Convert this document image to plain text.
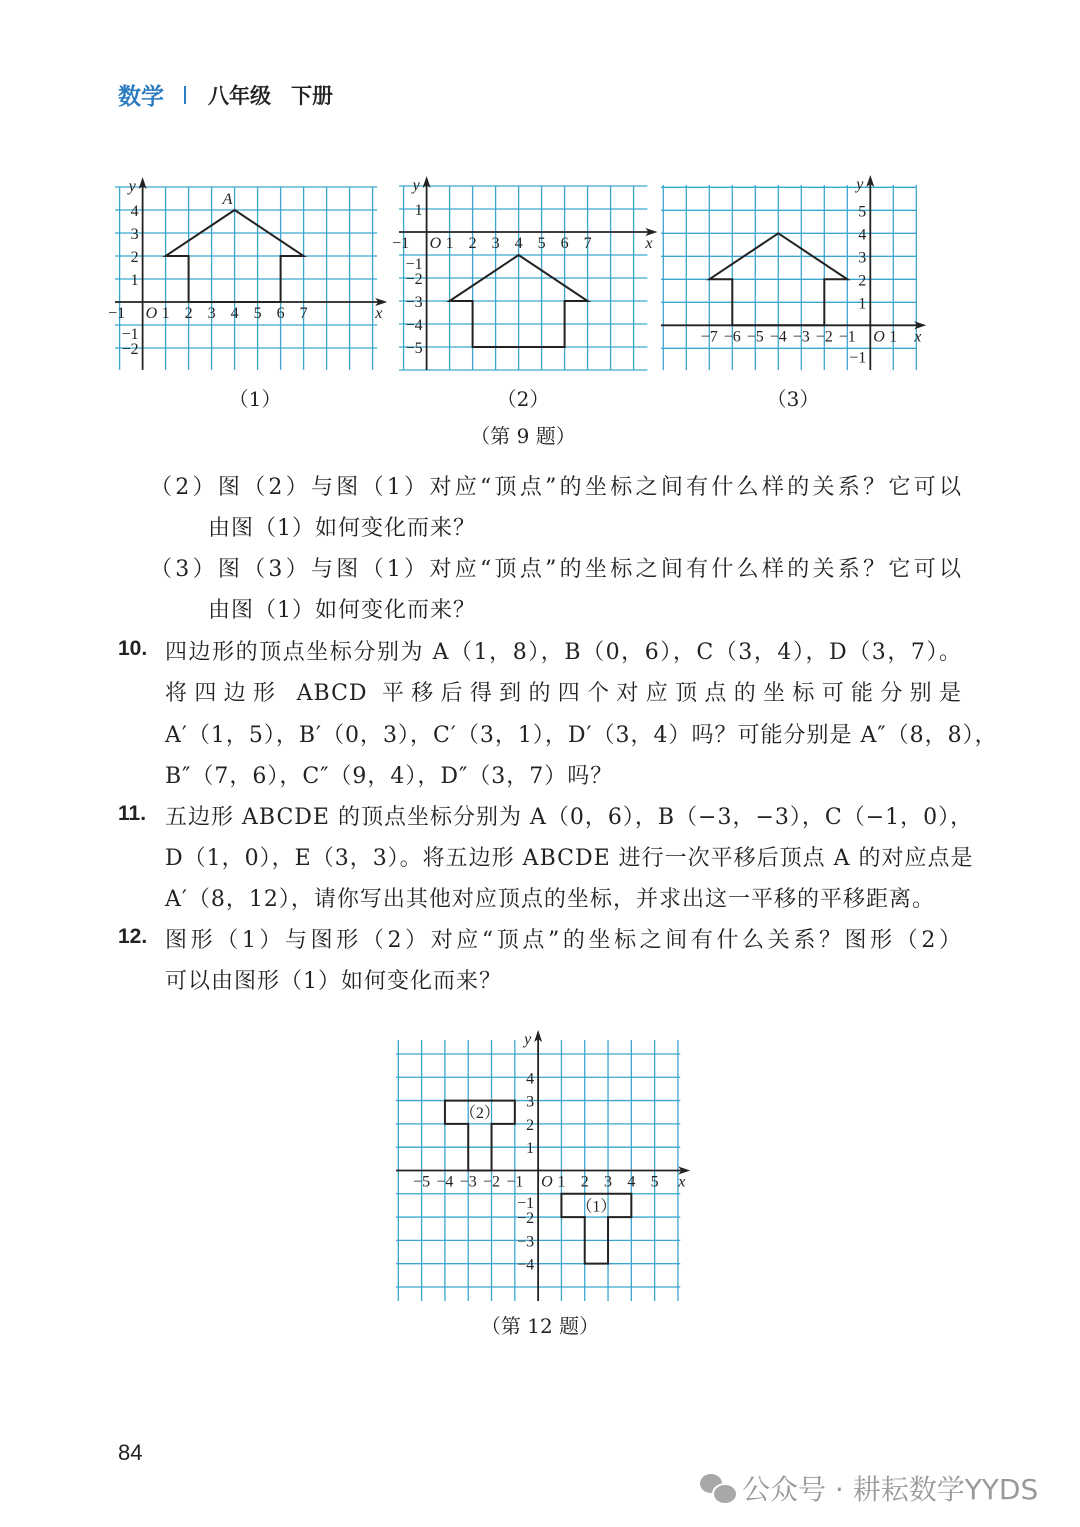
数学 八年级 下册
x
y
1 2 3 4 5 6 7
4
3
2
1
−1
−2
−1 O
A
x
y
1 2 3 4 5 6 7
1
−1
−2
−3
−4
−5
−1 O
x
y
−7 −6 −5 −4 −3 −2 −1 1
5
4
3
2
1
−1
O
（1）	（2）	（3）
（第 9 题）
（2）图（2）与图（1）对应“顶点”的坐标之间有什么样的关系？它可以
由图（1）如何变化而来？
（3）图（3）与图（1）对应“顶点”的坐标之间有什么样的关系？它可以
由图（1）如何变化而来？
10. 四边形的顶点坐标分别为 A（1，8），B（0，6），C（3，4），D（3，7）。
将四边形 ABCD 平移后得到的四个对应顶点的坐标可能分别是
A′（1，5），B′（0，3），C′（3，1），D′（3，4）吗？可能分别是 A″（8，8），
B″（7，6），C″（9，4），D″（3，7）吗？
11. 五边形 ABCDE 的顶点坐标分别为 A（0，6），B（−3，−3），C（−1，0），
D（1，0），E（3，3）。将五边形 ABCDE 进行一次平移后顶点 A 的对应点是
A′（8，12），请你写出其他对应顶点的坐标，并求出这一平移的平移距离。
12. 图形（1）与图形（2）对应“顶点”的坐标之间有什么关系？图形（2）
可以由图形（1）如何变化而来？
x
y
−5 −4 −3 −2 −1 1 2 3 4 5
4
3
2
1
−1
−2
−3
−4
O
（1）
（2）
（第 12 题）
84
公众号 · 耕耘数学YYDS
